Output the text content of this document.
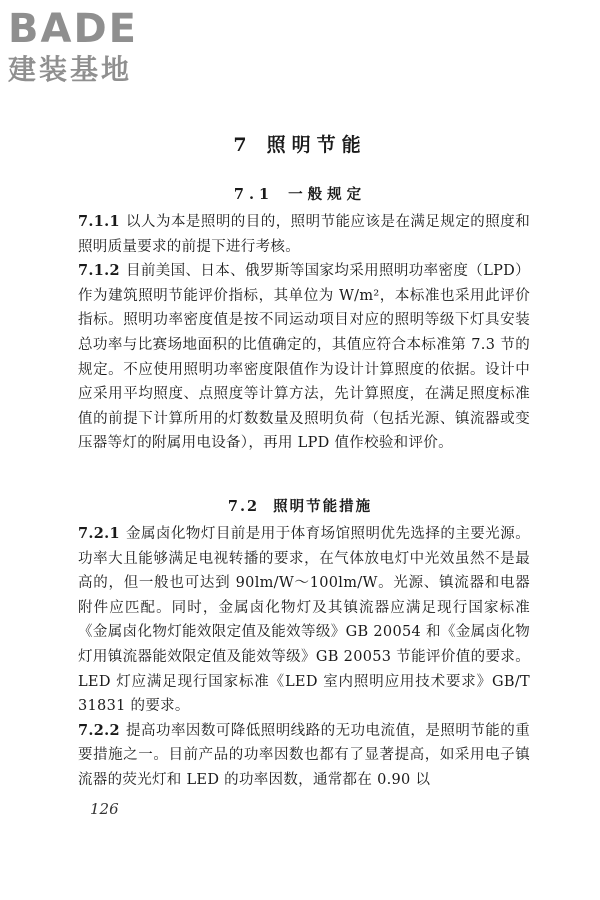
BADE
建装基地
7 照明节能
7.1 一般规定

7.1.1 以人为本是照明的目的，照明节能应该是在满足规定的照度和照明质量要求的前提下进行考核。

7.1.2 目前美国、日本、俄罗斯等国家均采用照明功率密度（LPD）作为建筑照明节能评价指标，其单位为 W/m²，本标准也采用此评价指标。照明功率密度值是按不同运动项目对应的照明等级下灯具安装总功率与比赛场地面积的比值确定的，其值应符合本标准第 7.3 节的规定。不应使用照明功率密度限值作为设计计算照度的依据。设计中应采用平均照度、点照度等计算方法，先计算照度，在满足照度标准值的前提下计算所用的灯数数量及照明负荷（包括光源、镇流器或变压器等灯的附属用电设备），再用 LPD 值作校验和评价。

7.2 照明节能措施

7.2.1 金属卤化物灯目前是用于体育场馆照明优先选择的主要光源。功率大且能够满足电视转播的要求，在气体放电灯中光效虽然不是最高的，但一般也可达到 90lm/W～100lm/W。光源、镇流器和电器附件应匹配。同时，金属卤化物灯及其镇流器应满足现行国家标准《金属卤化物灯能效限定值及能效等级》GB 20054 和《金属卤化物灯用镇流器能效限定值及能效等级》GB 20053 节能评价值的要求。LED 灯应满足现行国家标准《LED 室内照明应用技术要求》GB/T 31831 的要求。

7.2.2 提高功率因数可降低照明线路的无功电流值，是照明节能的重要措施之一。目前产品的功率因数也都有了显著提高，如采用电子镇流器的荧光灯和 LED 的功率因数，通常都在 0.90 以

126
